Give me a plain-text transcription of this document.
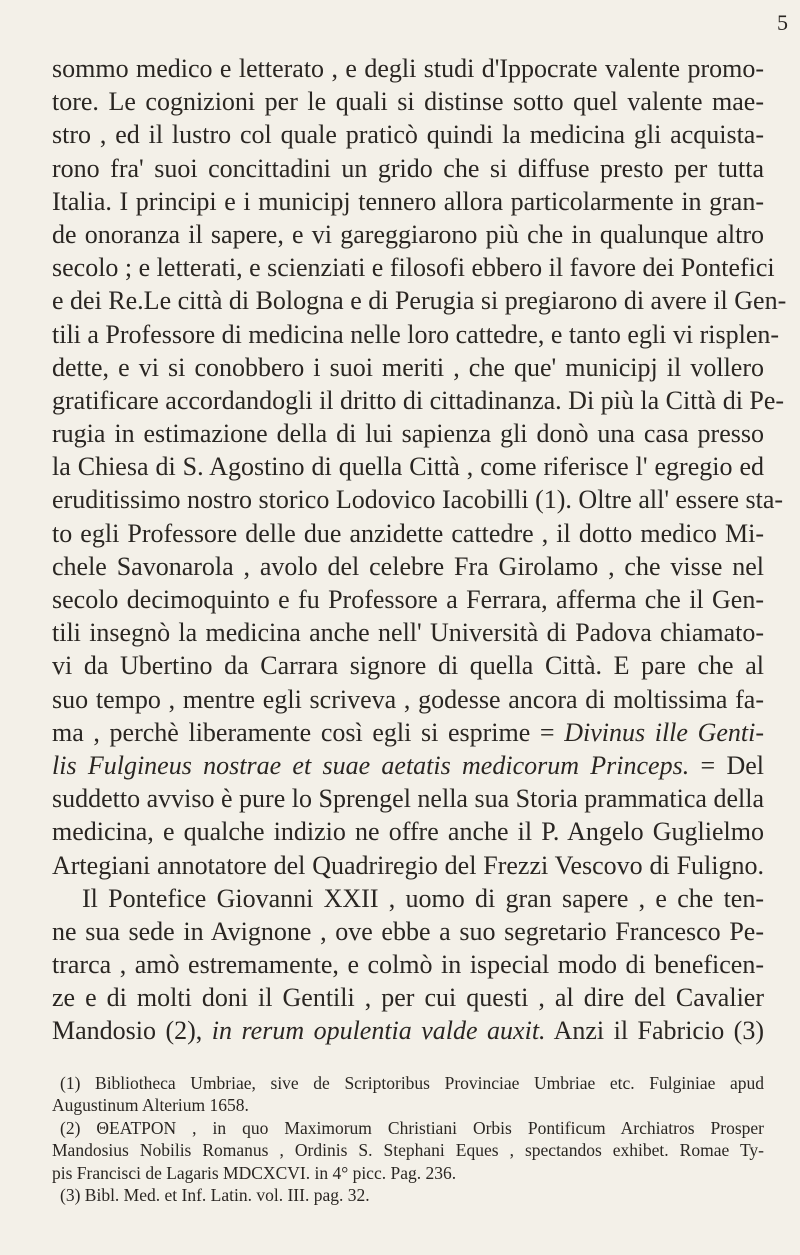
5
sommo medico e letterato , e degli studi d'Ippocrate valente promo-
tore. Le cognizioni per le quali si distinse sotto quel valente mae-
stro , ed il lustro col quale praticò quindi la medicina gli acquista-
rono fra' suoi concittadini un grido che si diffuse presto per tutta
Italia. I principi e i municipj tennero allora particolarmente in gran-
de onoranza il sapere, e vi gareggiarono più che in qualunque altro
secolo ; e letterati, e scienziati e filosofi ebbero il favore dei Pontefici
e dei Re.Le città di Bologna e di Perugia si pregiarono di avere il Gen-
tili a Professore di medicina nelle loro cattedre, e tanto egli vi risplen-
dette, e vi si conobbero i suoi meriti , che que' municipj il vollero
gratificare accordandogli il dritto di cittadinanza. Di più la Città di Pe-
rugia in estimazione della di lui sapienza gli donò una casa presso
la Chiesa di S. Agostino di quella Città , come riferisce l' egregio ed
eruditissimo nostro storico Lodovico Iacobilli (1). Oltre all' essere sta-
to egli Professore delle due anzidette cattedre , il dotto medico Mi-
chele Savonarola , avolo del celebre Fra Girolamo , che visse nel
secolo decimoquinto e fu Professore a Ferrara, afferma che il Gen-
tili insegnò la medicina anche nell' Università di Padova chiamato-
vi da Ubertino da Carrara signore di quella Città. E pare che al
suo tempo , mentre egli scriveva , godesse ancora di moltissima fa-
ma , perchè liberamente così egli si esprime = Divinus ille Genti-
lis Fulgineus nostrae et suae aetatis medicorum Princeps. = Del
suddetto avviso è pure lo Sprengel nella sua Storia prammatica della
medicina, e qualche indizio ne offre anche il P. Angelo Guglielmo
Artegiani annotatore del Quadriregio del Frezzi Vescovo di Fuligno.
Il Pontefice Giovanni XXII , uomo di gran sapere , e che ten-
ne sua sede in Avignone , ove ebbe a suo segretario Francesco Pe-
trarca , amò estremamente, e colmò in ispecial modo di beneficen-
ze e di molti doni il Gentili , per cui questi , al dire del Cavalier
Mandosio (2), in rerum opulentia valde auxit. Anzi il Fabricio (3)
(1) Bibliotheca Umbriae, sive de Scriptoribus Provinciae Umbriae etc. Fulginiae apud
Augustinum Alterium 1658.
(2) ΘΕΑΤΡΟΝ , in quo Maximorum Christiani Orbis Pontificum Archiatros Prosper
Mandosius Nobilis Romanus , Ordinis S. Stephani Eques , spectandos exhibet. Romae Ty-
pis Francisci de Lagaris MDCXCVI. in 4° picc. Pag. 236.
(3) Bibl. Med. et Inf. Latin. vol. III. pag. 32.
